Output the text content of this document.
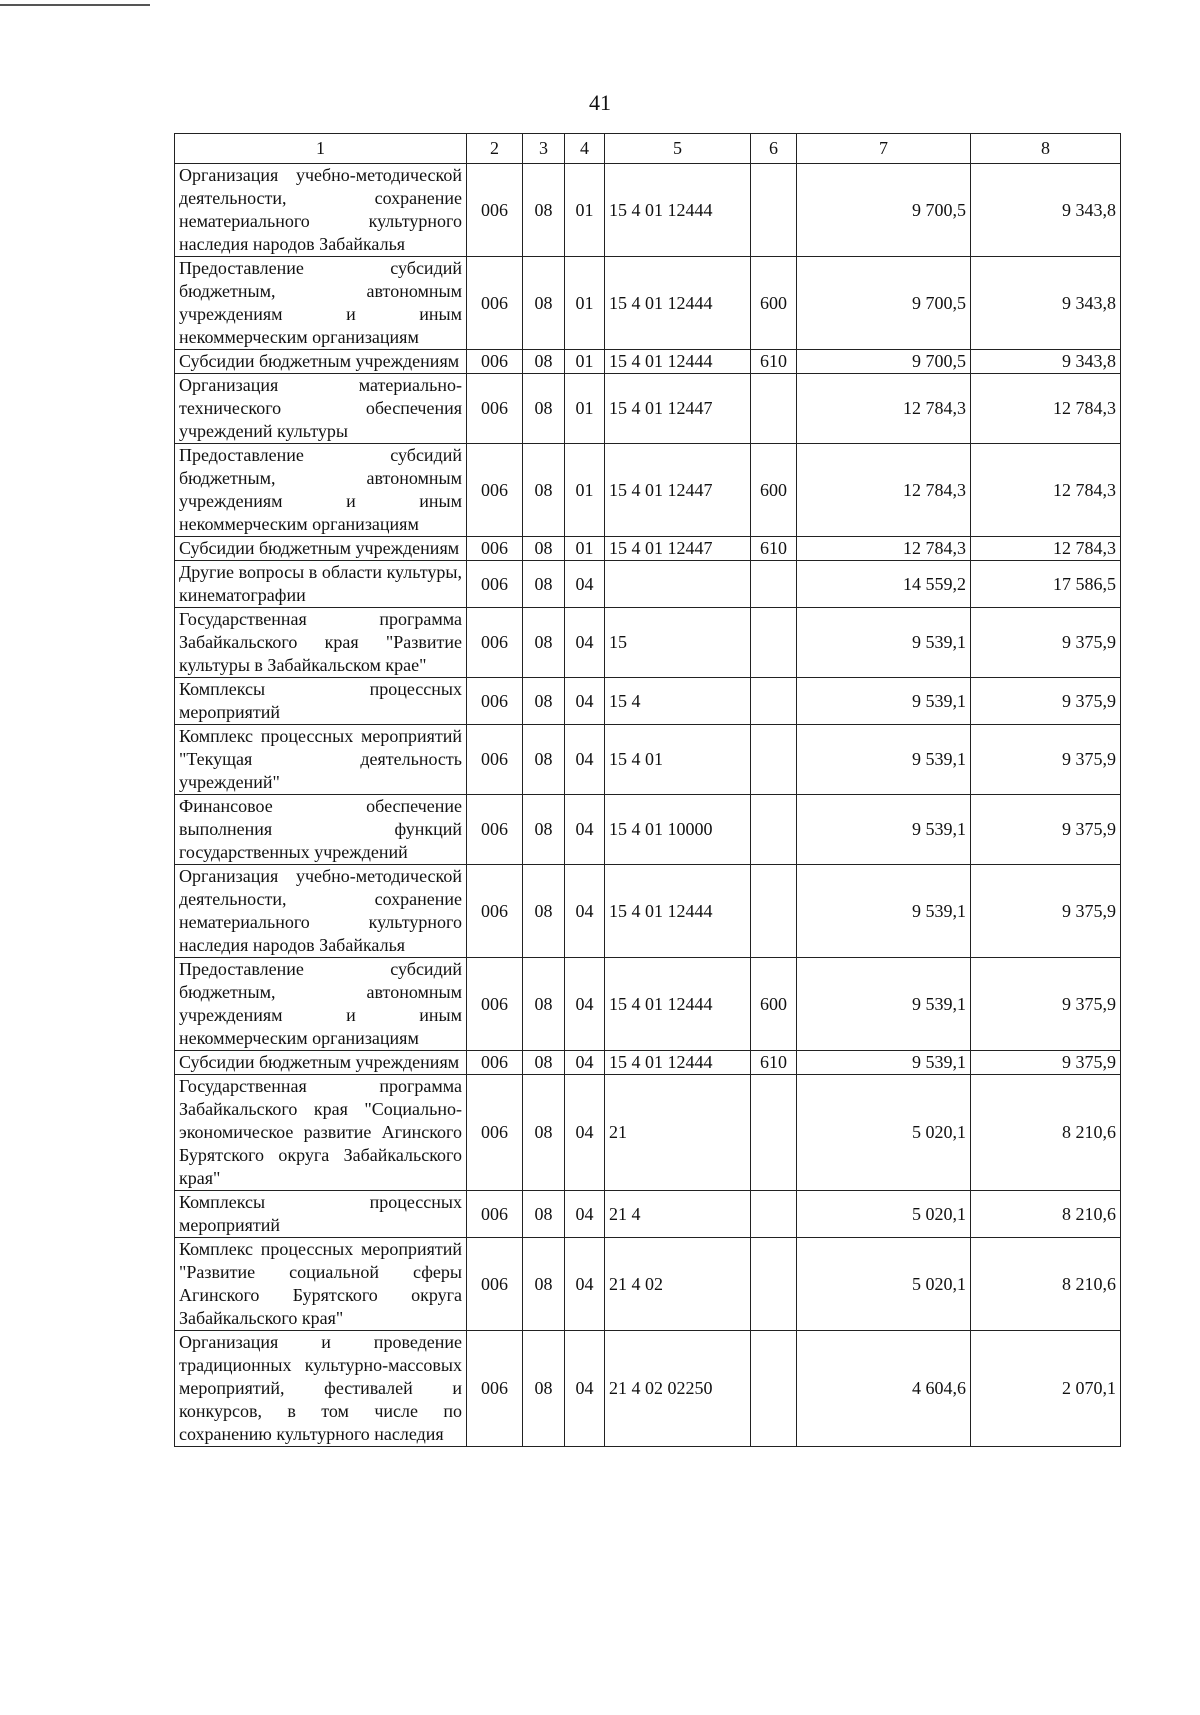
41
1	2	3	4	5	6	7	8
Организация учебно-методической деятельности, сохранение нематериального культурного наследия народов Забайкалья	006	08	01	15 4 01 12444		9 700,5	9 343,8
Предоставление субсидий бюджетным, автономным учреждениям и иным некоммерческим организациям	006	08	01	15 4 01 12444	600	9 700,5	9 343,8
Субсидии бюджетным учреждениям	006	08	01	15 4 01 12444	610	9 700,5	9 343,8
Организация материально-технического обеспечения учреждений культуры	006	08	01	15 4 01 12447		12 784,3	12 784,3
Предоставление субсидий бюджетным, автономным учреждениям и иным некоммерческим организациям	006	08	01	15 4 01 12447	600	12 784,3	12 784,3
Субсидии бюджетным учреждениям	006	08	01	15 4 01 12447	610	12 784,3	12 784,3
Другие вопросы в области культуры, кинематографии	006	08	04			14 559,2	17 586,5
Государственная программа Забайкальского края "Развитие культуры в Забайкальском крае"	006	08	04	15		9 539,1	9 375,9
Комплексы процессных мероприятий	006	08	04	15 4		9 539,1	9 375,9
Комплекс процессных мероприятий "Текущая деятельность учреждений"	006	08	04	15 4 01		9 539,1	9 375,9
Финансовое обеспечение выполнения функций государственных учреждений	006	08	04	15 4 01 10000		9 539,1	9 375,9
Организация учебно-методической деятельности, сохранение нематериального культурного наследия народов Забайкалья	006	08	04	15 4 01 12444		9 539,1	9 375,9
Предоставление субсидий бюджетным, автономным учреждениям и иным некоммерческим организациям	006	08	04	15 4 01 12444	600	9 539,1	9 375,9
Субсидии бюджетным учреждениям	006	08	04	15 4 01 12444	610	9 539,1	9 375,9
Государственная программа Забайкальского края "Социально-экономическое развитие Агинского Бурятского округа Забайкальского края"	006	08	04	21		5 020,1	8 210,6
Комплексы процессных мероприятий	006	08	04	21 4		5 020,1	8 210,6
Комплекс процессных мероприятий "Развитие социальной сферы Агинского Бурятского округа Забайкальского края"	006	08	04	21 4 02		5 020,1	8 210,6
Организация и проведение традиционных культурно-массовых мероприятий, фестивалей и конкурсов, в том числе по сохранению культурного наследия	006	08	04	21 4 02 02250		4 604,6	2 070,1
